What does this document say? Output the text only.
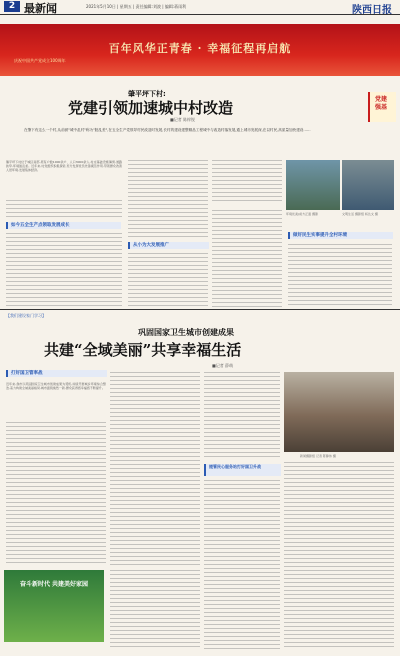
2 最新闻	2021年5月10日 | 星期五 | 责任编辑:刘波 | 编辑:蒋雨利	陕西日报
百年风华正青春 · 幸福征程再启航
庆祝中国共产党成立100周年
党建
强基
肇平坪下村:
党建引领加速城中村改造
■记者 陈梓锐
在肇下有这么一个村,从前被"城中乱村"称为"脏乱差",在五全生产党领导村民改造时发展,长村的建设建整精品工程城中与改造村落发展,通上城市发展深,在以村民,高质量加快建设……
肇平坪下村位于城区南部,原有户数1000余户、人口3000余人,村庄基础设施薄弱,道路狭窄,环境脏乱差。近年来,村党组织积极探索,充分发挥党员先锋模范作用,带领群众改善人居环境,发展集体经济。
如今五全生产点领取发展成长
从小为大发展推广
环境优美(前方正面 摄影	文明生活 摄影组 杨达文 摄
做好民生实事提升全村环境
【我们建设家门学习】
巩固国家卫生城市创建成果
共建“全域美丽”共享幸福生活
■记者 薛萌
打好国卫管率战
近年来,我市以巩固国家卫生城市创建成果为契机,持续开展城乡环境综合整治,着力构建全域美丽格局,城市面貌焕然一新,群众获得感幸福感不断提升。
新闻摄影组 记者 陈静伟 摄
提管民心服务站打好国卫升战
奋斗新时代 共建美好家园
